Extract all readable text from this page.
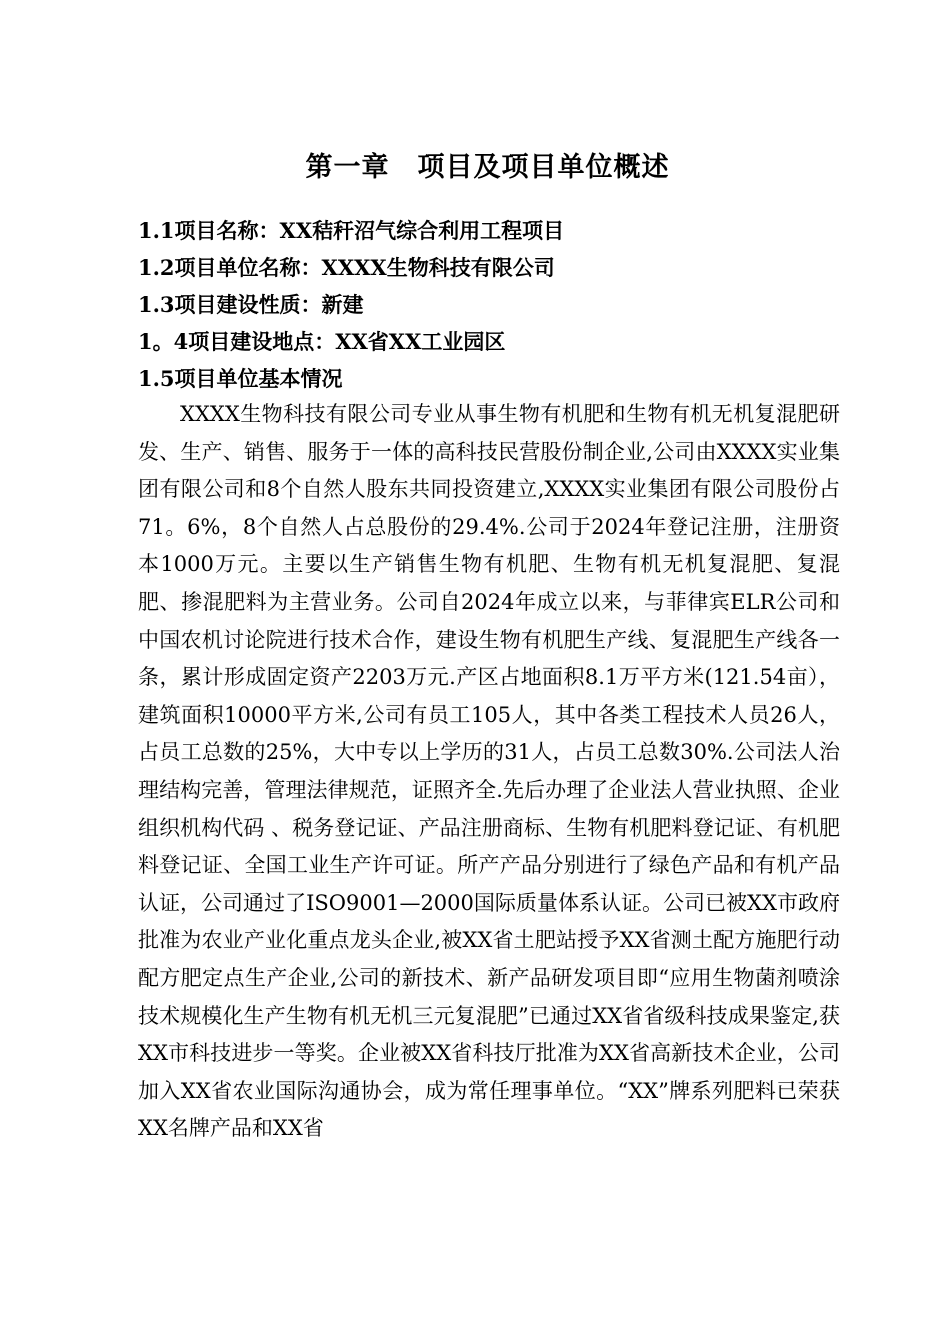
第一章　项目及项目单位概述
1.1项目名称：XX秸秆沼气综合利用工程项目
1.2项目单位名称：XXXX生物科技有限公司
1.3项目建设性质：新建
1。4项目建设地点：XX省XX工业园区
1.5项目单位基本情况
XXXX生物科技有限公司专业从事生物有机肥和生物有机无机复混肥研发、生产、销售、服务于一体的高科技民营股份制企业,公司由XXXX实业集团有限公司和8个自然人股东共同投资建立,XXXX实业集团有限公司股份占71。6%，8个自然人占总股份的29.4%.公司于2024年登记注册，注册资本1000万元。主要以生产销售生物有机肥、生物有机无机复混肥、复混肥、掺混肥料为主营业务。公司自2024年成立以来，与菲律宾ELR公司和中国农机讨论院进行技术合作，建设生物有机肥生产线、复混肥生产线各一条，累计形成固定资产2203万元.产区占地面积8.1万平方米(121.54亩），建筑面积10000平方米,公司有员工105人，其中各类工程技术人员26人，占员工总数的25%，大中专以上学历的31人，占员工总数30%.公司法人治理结构完善，管理法律规范，证照齐全.先后办理了企业法人营业执照、企业组织机构代码 、税务登记证、产品注册商标、生物有机肥料登记证、有机肥料登记证、全国工业生产许可证。所产产品分别进行了绿色产品和有机产品认证，公司通过了ISO9001—2000国际质量体系认证。公司已被XX市政府批准为农业产业化重点龙头企业,被XX省土肥站授予XX省测土配方施肥行动配方肥定点生产企业,公司的新技术、新产品研发项目即“应用生物菌剂喷涂技术规模化生产生物有机无机三元复混肥”已通过XX省省级科技成果鉴定,获XX市科技进步一等奖。企业被XX省科技厅批准为XX省高新技术企业，公司加入XX省农业国际沟通协会，成为常任理事单位。“XX”牌系列肥料已荣获XX名牌产品和XX省
